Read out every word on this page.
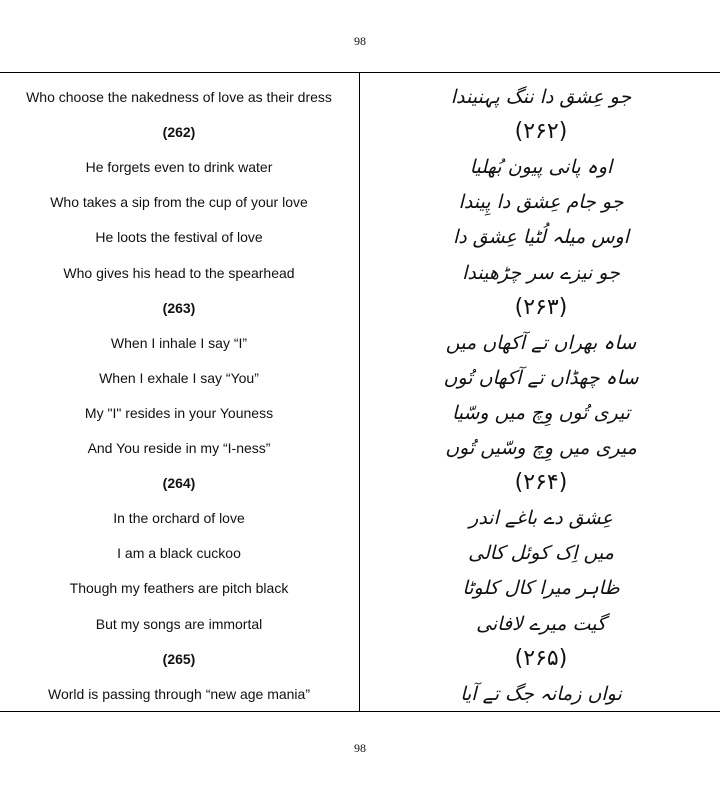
98
Who choose the nakedness of love as their dress
(262)
He forgets even to drink water
Who takes a sip from the cup of your love
He loots the festival of love
Who gives his head to the spearhead
(263)
When I inhale I say “I”
When I exhale I say “You”
My "I" resides in your Youness
And You reside in my “I-ness”
(264)
In the orchard of love
I am a black cuckoo
Though my feathers are pitch black
But my songs are immortal
(265)
World is passing through “new age mania”
جو عِشق دا ننگ پہنیندا
(۲۶۲)
اوہ پانی پیون بُھلیا
جو جام عِشق دا پِیندا
اوس میلہ لُٹیا عِشق دا
جو نیزے سر چڑھیندا
(۲۶۳)
ساہ بھراں تے آکھاں میں
ساہ چھڈاں تے آکھاں تُوں
تیری تُوں وِچ میں وسّیا
میری میں وِچ وسّیں تُوں
(۲۶۴)
عِشق دے باغے اندر
میں اِک کوئل کالی
ظاہر میرا کال کلوٹا
گیت میرے لافانی
(۲۶۵)
نواں زمانہ جگ تے آیا
98
